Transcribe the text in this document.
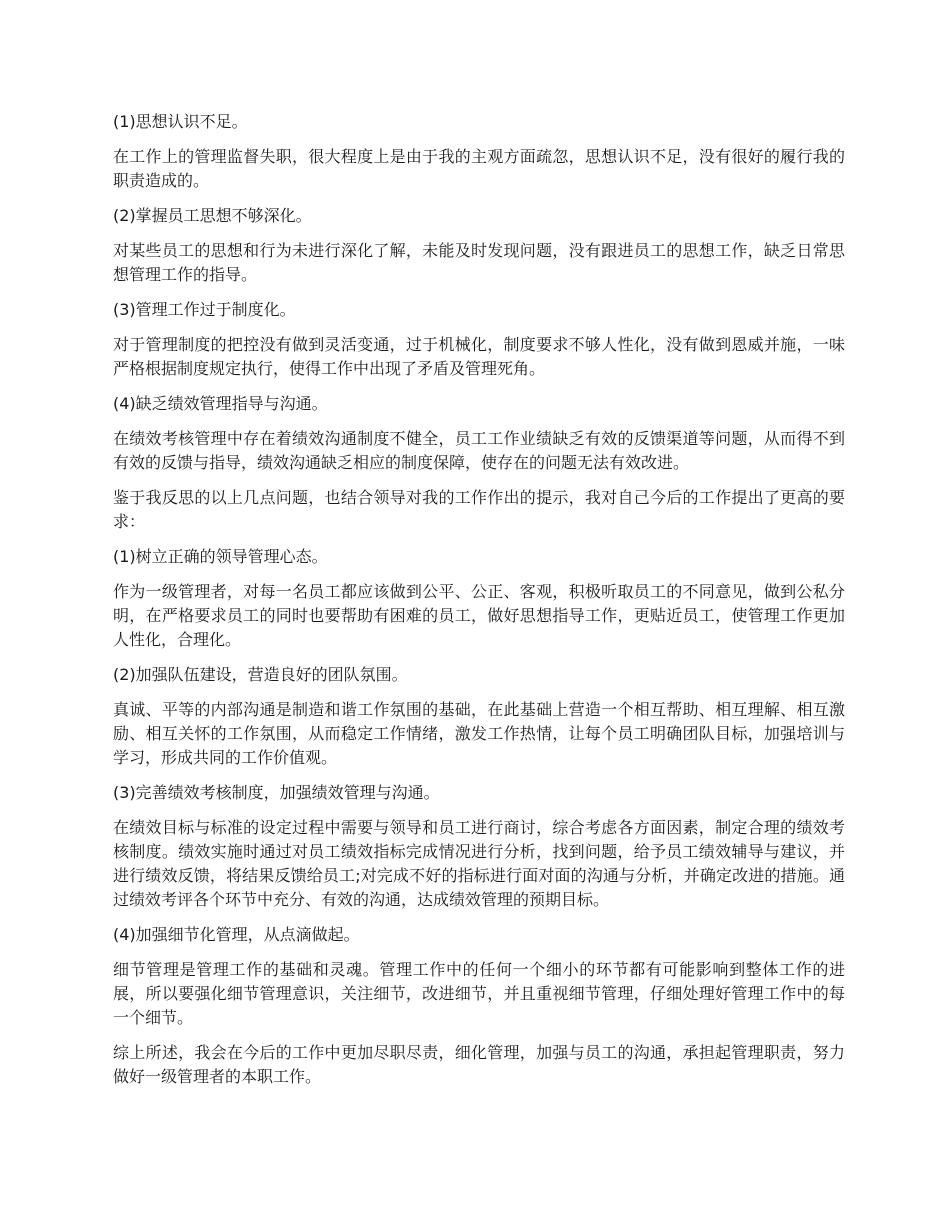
(1)思想认识不足。

在工作上的管理监督失职，很大程度上是由于我的主观方面疏忽，思想认识不足，没有很好的履行我的职责造成的。

(2)掌握员工思想不够深化。

对某些员工的思想和行为未进行深化了解，未能及时发现问题，没有跟进员工的思想工作，缺乏日常思想管理工作的指导。

(3)管理工作过于制度化。

对于管理制度的把控没有做到灵活变通，过于机械化，制度要求不够人性化，没有做到恩威并施，一味严格根据制度规定执行，使得工作中出现了矛盾及管理死角。

(4)缺乏绩效管理指导与沟通。

在绩效考核管理中存在着绩效沟通制度不健全，员工工作业绩缺乏有效的反馈渠道等问题，从而得不到有效的反馈与指导，绩效沟通缺乏相应的制度保障，使存在的问题无法有效改进。

鉴于我反思的以上几点问题，也结合领导对我的工作作出的提示，我对自己今后的工作提出了更高的要求：

(1)树立正确的领导管理心态。

作为一级管理者，对每一名员工都应该做到公平、公正、客观，积极听取员工的不同意见，做到公私分明，在严格要求员工的同时也要帮助有困难的员工，做好思想指导工作，更贴近员工，使管理工作更加人性化，合理化。

(2)加强队伍建设，营造良好的团队氛围。

真诚、平等的内部沟通是制造和谐工作氛围的基础，在此基础上营造一个相互帮助、相互理解、相互激励、相互关怀的工作氛围，从而稳定工作情绪，激发工作热情，让每个员工明确团队目标，加强培训与学习，形成共同的工作价值观。

(3)完善绩效考核制度，加强绩效管理与沟通。

在绩效目标与标准的设定过程中需要与领导和员工进行商讨，综合考虑各方面因素，制定合理的绩效考核制度。绩效实施时通过对员工绩效指标完成情况进行分析，找到问题，给予员工绩效辅导与建议，并进行绩效反馈，将结果反馈给员工;对完成不好的指标进行面对面的沟通与分析，并确定改进的措施。通过绩效考评各个环节中充分、有效的沟通，达成绩效管理的预期目标。

(4)加强细节化管理，从点滴做起。

细节管理是管理工作的基础和灵魂。管理工作中的任何一个细小的环节都有可能影响到整体工作的进展，所以要强化细节管理意识，关注细节，改进细节，并且重视细节管理，仔细处理好管理工作中的每一个细节。

综上所述，我会在今后的工作中更加尽职尽责，细化管理，加强与员工的沟通，承担起管理职责，努力做好一级管理者的本职工作。
